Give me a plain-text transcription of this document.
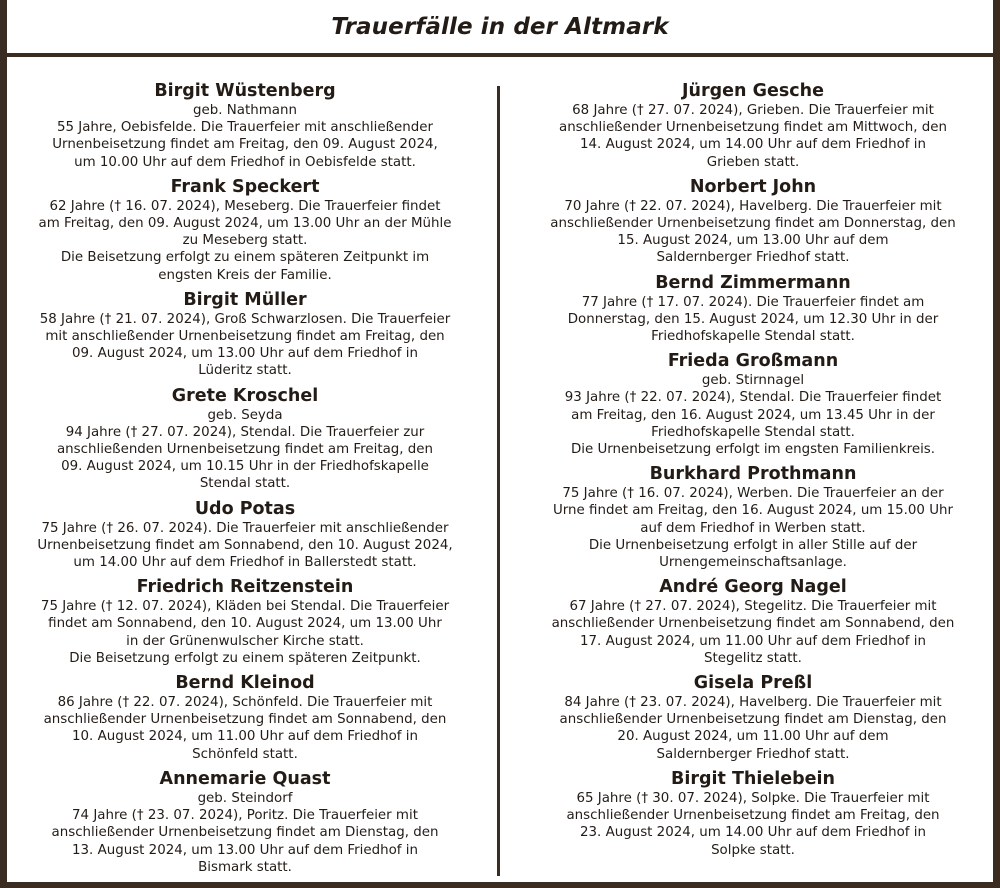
Trauerfälle in der Altmark
Birgit Wüstenberg
geb. Nathmann
55 Jahre, Oebisfelde. Die Trauerfeier mit anschließender
Urnenbeisetzung findet am Freitag, den 09. August 2024,
um 10.00 Uhr auf dem Friedhof in Oebisfelde statt.
Frank Speckert
62 Jahre († 16. 07. 2024), Meseberg. Die Trauerfeier findet
am Freitag, den 09. August 2024, um 13.00 Uhr an der Mühle
zu Meseberg statt.
Die Beisetzung erfolgt zu einem späteren Zeitpunkt im
engsten Kreis der Familie.
Birgit Müller
58 Jahre († 21. 07. 2024), Groß Schwarzlosen. Die Trauerfeier
mit anschließender Urnenbeisetzung findet am Freitag, den
09. August 2024, um 13.00 Uhr auf dem Friedhof in
Lüderitz statt.
Grete Kroschel
geb. Seyda
94 Jahre († 27. 07. 2024), Stendal. Die Trauerfeier zur
anschließenden Urnenbeisetzung findet am Freitag, den
09. August 2024, um 10.15 Uhr in der Friedhofskapelle
Stendal statt.
Udo Potas
75 Jahre († 26. 07. 2024). Die Trauerfeier mit anschließender
Urnenbeisetzung findet am Sonnabend, den 10. August 2024,
um 14.00 Uhr auf dem Friedhof in Ballerstedt statt.
Friedrich Reitzenstein
75 Jahre († 12. 07. 2024), Kläden bei Stendal. Die Trauerfeier
findet am Sonnabend, den 10. August 2024, um 13.00 Uhr
in der Grünenwulscher Kirche statt.
Die Beisetzung erfolgt zu einem späteren Zeitpunkt.
Bernd Kleinod
86 Jahre († 22. 07. 2024), Schönfeld. Die Trauerfeier mit
anschließender Urnenbeisetzung findet am Sonnabend, den
10. August 2024, um 11.00 Uhr auf dem Friedhof in
Schönfeld statt.
Annemarie Quast
geb. Steindorf
74 Jahre († 23. 07. 2024), Poritz. Die Trauerfeier mit
anschließender Urnenbeisetzung findet am Dienstag, den
13. August 2024, um 13.00 Uhr auf dem Friedhof in
Bismark statt.
Jürgen Gesche
68 Jahre († 27. 07. 2024), Grieben. Die Trauerfeier mit
anschließender Urnenbeisetzung findet am Mittwoch, den
14. August 2024, um 14.00 Uhr auf dem Friedhof in
Grieben statt.
Norbert John
70 Jahre († 22. 07. 2024), Havelberg. Die Trauerfeier mit
anschließender Urnenbeisetzung findet am Donnerstag, den
15. August 2024, um 13.00 Uhr auf dem
Saldernberger Friedhof statt.
Bernd Zimmermann
77 Jahre († 17. 07. 2024). Die Trauerfeier findet am
Donnerstag, den 15. August 2024, um 12.30 Uhr in der
Friedhofskapelle Stendal statt.
Frieda Großmann
geb. Stirnnagel
93 Jahre († 22. 07. 2024), Stendal. Die Trauerfeier findet
am Freitag, den 16. August 2024, um 13.45 Uhr in der
Friedhofskapelle Stendal statt.
Die Urnenbeisetzung erfolgt im engsten Familienkreis.
Burkhard Prothmann
75 Jahre († 16. 07. 2024), Werben. Die Trauerfeier an der
Urne findet am Freitag, den 16. August 2024, um 15.00 Uhr
auf dem Friedhof in Werben statt.
Die Urnenbeisetzung erfolgt in aller Stille auf der
Urnengemeinschaftsanlage.
André Georg Nagel
67 Jahre († 27. 07. 2024), Stegelitz. Die Trauerfeier mit
anschließender Urnenbeisetzung findet am Sonnabend, den
17. August 2024, um 11.00 Uhr auf dem Friedhof in
Stegelitz statt.
Gisela Preßl
84 Jahre († 23. 07. 2024), Havelberg. Die Trauerfeier mit
anschließender Urnenbeisetzung findet am Dienstag, den
20. August 2024, um 11.00 Uhr auf dem
Saldernberger Friedhof statt.
Birgit Thielebein
65 Jahre († 30. 07. 2024), Solpke. Die Trauerfeier mit
anschließender Urnenbeisetzung findet am Freitag, den
23. August 2024, um 14.00 Uhr auf dem Friedhof in
Solpke statt.
